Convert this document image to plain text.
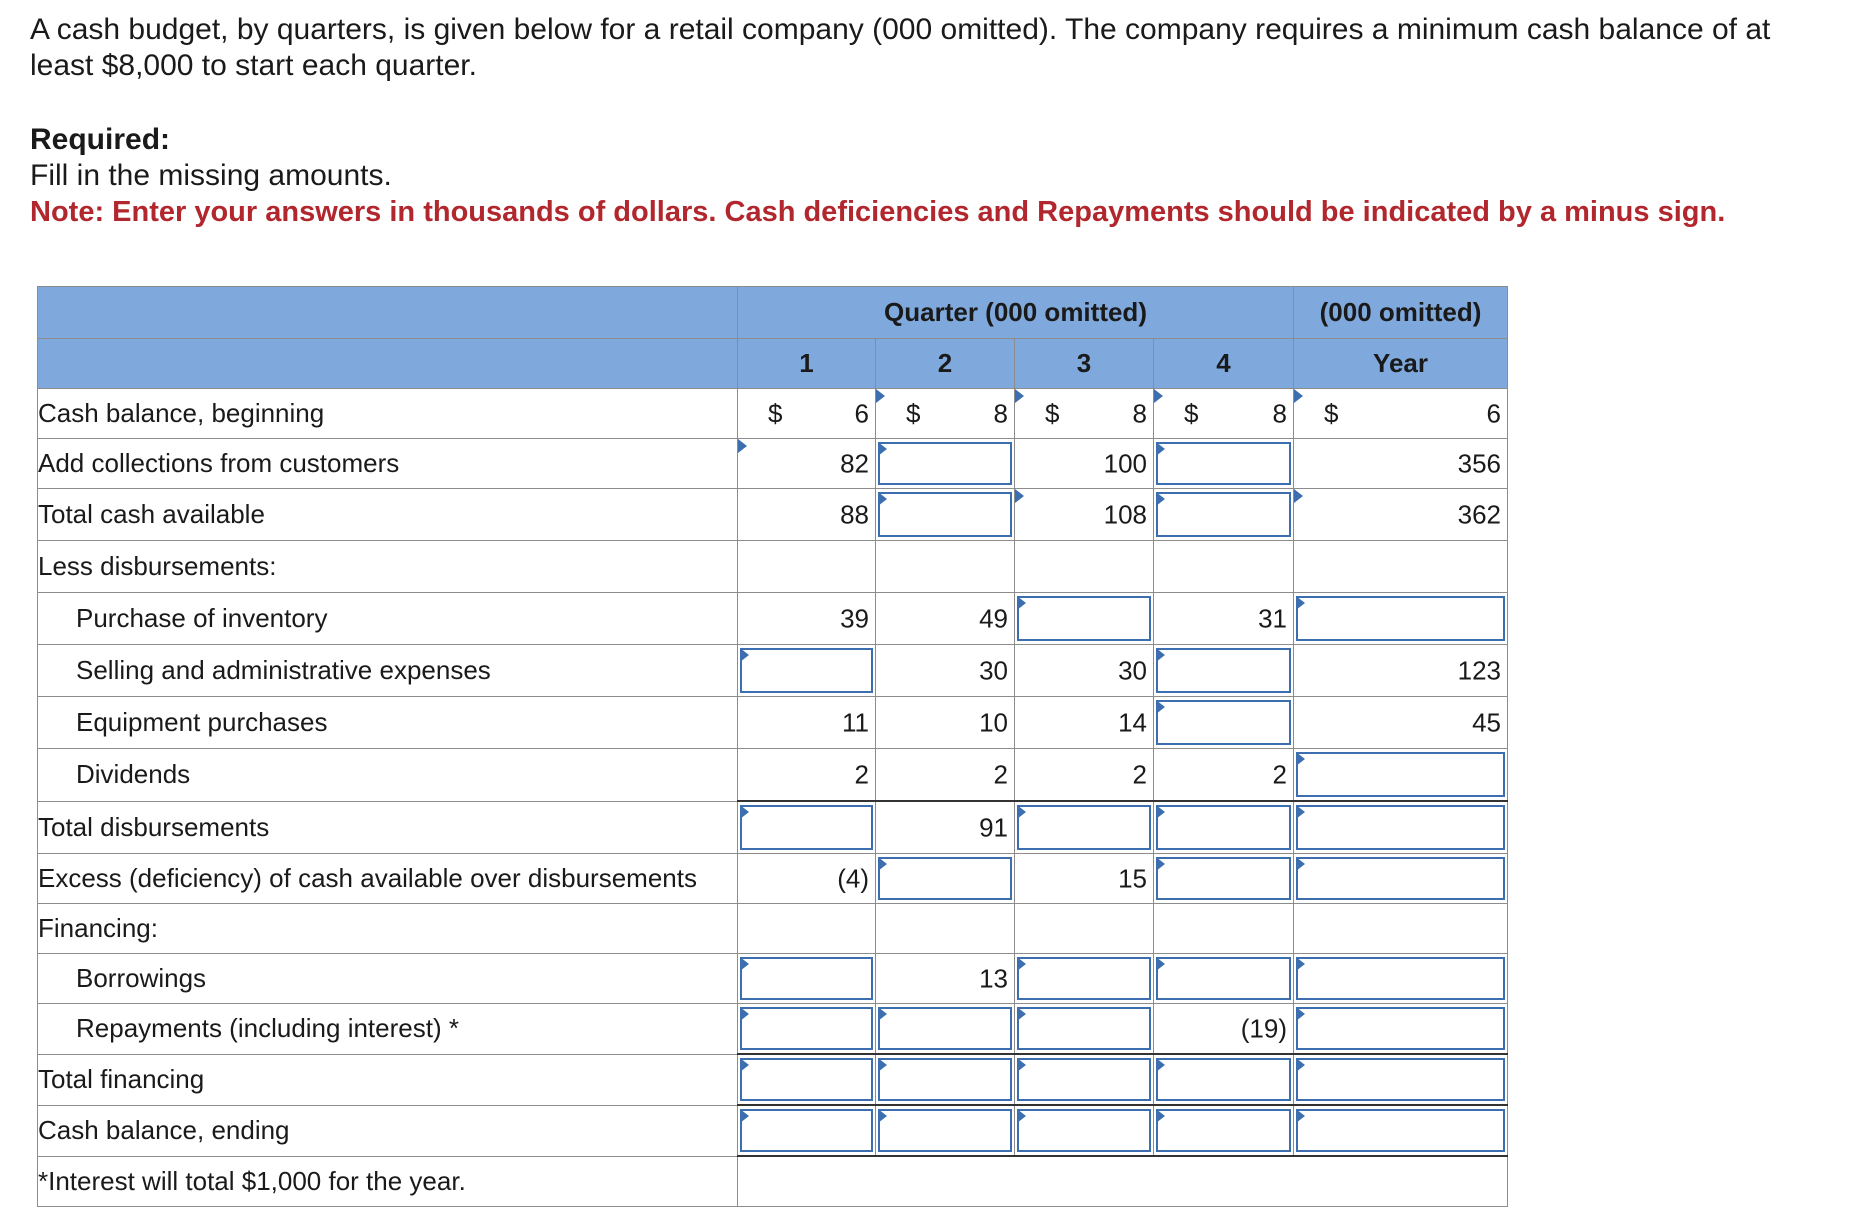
A cash budget, by quarters, is given below for a retail company (000 omitted). The company requires a minimum cash balance of at least $8,000 to start each quarter.
Required:
Fill in the missing amounts.
Note: Enter your answers in thousands of dollars. Cash deficiencies and Repayments should be indicated by a minus sign.
	Quarter (000 omitted)				(000 omitted)
	1	2	3	4	Year
Cash balance, beginning	$ 6	$ 8	$ 8	$ 8	$ 6

Add collections from customers	82		100		356

Total cash available	88		108		362

Less disbursements:					
Purchase of inventory	39	49		31	

Selling and administrative expenses		30	30		123

Equipment purchases	11	10	14		45

Dividends	2	2	2	2	

Total disbursements		91			

Excess (deficiency) of cash available over disbursements	(4)		15		

Financing:					
Borrowings		13			

Repayments (including interest) *				(19)	

Total financing	

Cash balance, ending	

*Interest will total $1,000 for the year.					
